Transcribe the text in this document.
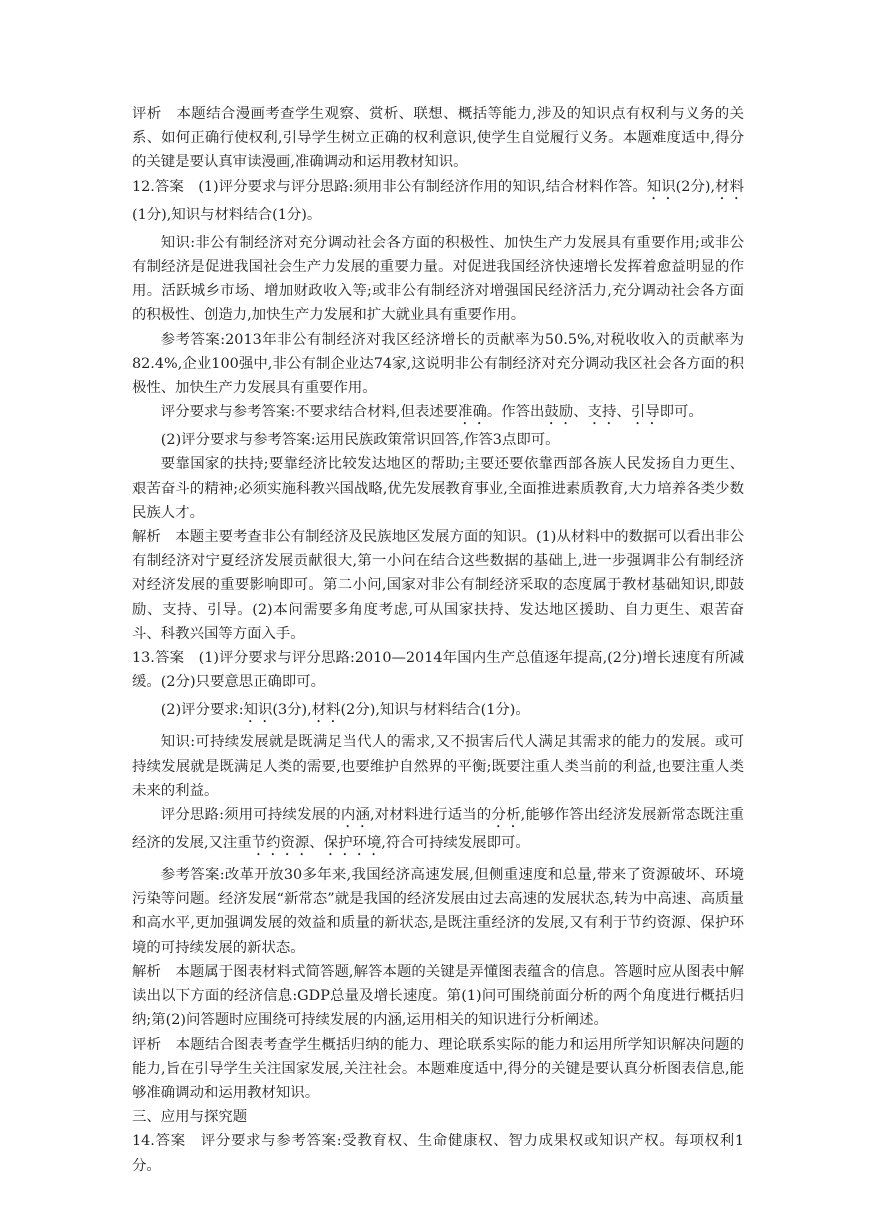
评析　本题结合漫画考查学生观察、赏析、联想、概括等能力,涉及的知识点有权利与义务的关系、如何正确行使权利,引导学生树立正确的权利意识,使学生自觉履行义务。本题难度适中,得分的关键是要认真审读漫画,准确调动和运用教材知识。

12.答案　(1)评分要求与评分思路:须用非公有制经济作用的知识,结合材料作答。知识(2分),材料(1分),知识与材料结合(1分)。

知识:非公有制经济对充分调动社会各方面的积极性、加快生产力发展具有重要作用;或非公有制经济是促进我国社会生产力发展的重要力量。对促进我国经济快速增长发挥着愈益明显的作用。活跃城乡市场、增加财政收入等;或非公有制经济对增强国民经济活力,充分调动社会各方面的积极性、创造力,加快生产力发展和扩大就业具有重要作用。

参考答案:2013年非公有制经济对我区经济增长的贡献率为50.5%,对税收收入的贡献率为82.4%,企业100强中,非公有制企业达74家,这说明非公有制经济对充分调动我区社会各方面的积极性、加快生产力发展具有重要作用。

评分要求与参考答案:不要求结合材料,但表述要准确。作答出鼓励、支持、引导即可。

(2)评分要求与参考答案:运用民族政策常识回答,作答3点即可。

要靠国家的扶持;要靠经济比较发达地区的帮助;主要还要依靠西部各族人民发扬自力更生、艰苦奋斗的精神;必须实施科教兴国战略,优先发展教育事业,全面推进素质教育,大力培养各类少数民族人才。

解析　本题主要考查非公有制经济及民族地区发展方面的知识。(1)从材料中的数据可以看出非公有制经济对宁夏经济发展贡献很大,第一小问在结合这些数据的基础上,进一步强调非公有制经济对经济发展的重要影响即可。第二小问,国家对非公有制经济采取的态度属于教材基础知识,即鼓励、支持、引导。(2)本问需要多角度考虑,可从国家扶持、发达地区援助、自力更生、艰苦奋斗、科教兴国等方面入手。

13.答案　(1)评分要求与评分思路:2010—2014年国内生产总值逐年提高,(2分)增长速度有所减缓。(2分)只要意思正确即可。

(2)评分要求:知识(3分),材料(2分),知识与材料结合(1分)。

知识:可持续发展就是既满足当代人的需求,又不损害后代人满足其需求的能力的发展。或可持续发展就是既满足人类的需要,也要维护自然界的平衡;既要注重人类当前的利益,也要注重人类未来的利益。

评分思路:须用可持续发展的内涵,对材料进行适当的分析,能够作答出经济发展新常态既注重经济的发展,又注重节约资源、保护环境,符合可持续发展即可。

参考答案:改革开放30多年来,我国经济高速发展,但侧重速度和总量,带来了资源破坏、环境污染等问题。经济发展“新常态”就是我国的经济发展由过去高速的发展状态,转为中高速、高质量和高水平,更加强调发展的效益和质量的新状态,是既注重经济的发展,又有利于节约资源、保护环境的可持续发展的新状态。

解析　本题属于图表材料式简答题,解答本题的关键是弄懂图表蕴含的信息。答题时应从图表中解读出以下方面的经济信息:GDP总量及增长速度。第(1)问可围绕前面分析的两个角度进行概括归纳;第(2)问答题时应围绕可持续发展的内涵,运用相关的知识进行分析阐述。

评析　本题结合图表考查学生概括归纳的能力、理论联系实际的能力和运用所学知识解决问题的能力,旨在引导学生关注国家发展,关注社会。本题难度适中,得分的关键是要认真分析图表信息,能够准确调动和运用教材知识。

三、应用与探究题

14.答案　评分要求与参考答案:受教育权、生命健康权、智力成果权或知识产权。每项权利1分。
